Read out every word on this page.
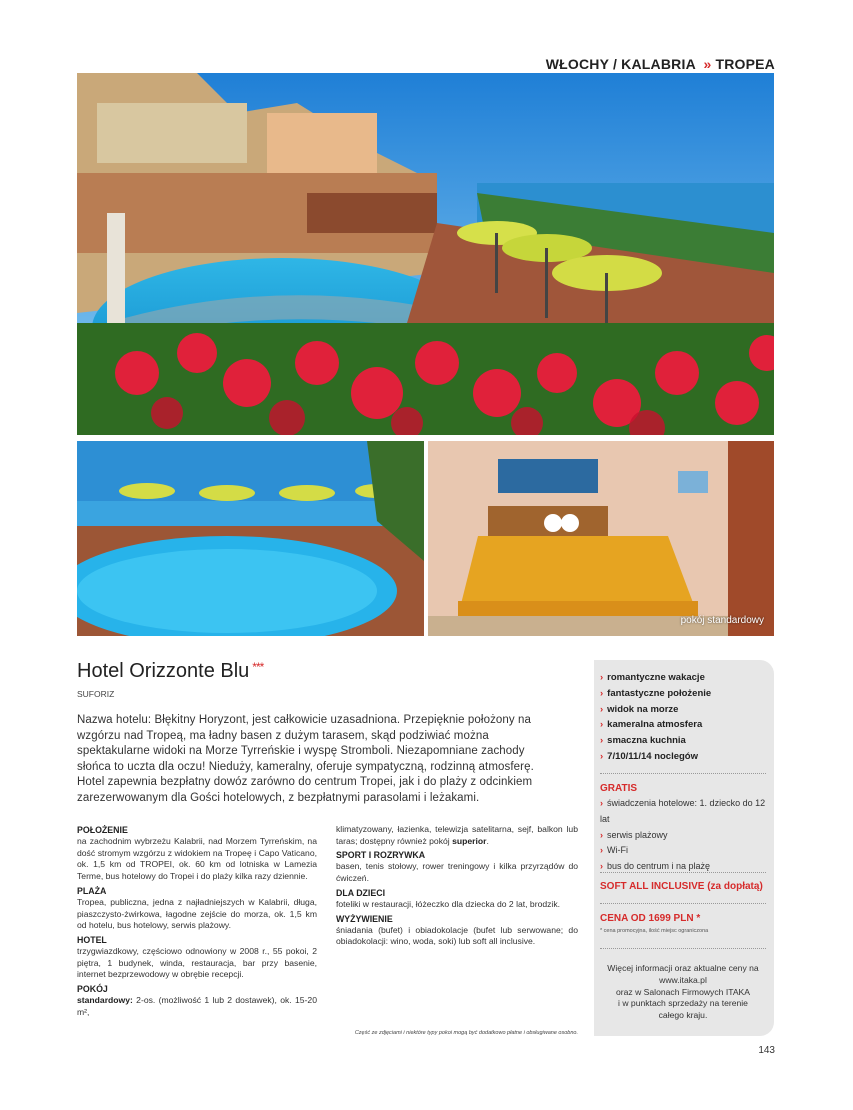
WŁOCHY / KALABRIA » TROPEA
pokój standardowy
Hotel Orizzonte Blu ***
SUFORIZ
Nazwa hotelu: Błękitny Horyzont, jest całkowicie uzasadniona. Przepięknie położony na wzgórzu nad Tropeą, ma ładny basen z dużym tarasem, skąd podziwiać można spektakularne widoki na Morze Tyrreńskie i wyspę Stromboli. Niezapomniane zachody słońca to uczta dla oczu! Nieduży, kameralny, oferuje sympatyczną, rodzinną atmosferę. Hotel zapewnia bezpłatny dowóz zarówno do centrum Tropei, jak i do plaży z odcinkiem zarezerwowanym dla Gości hotelowych, z bezpłatnymi parasolami i leżakami.
POŁOŻENIE

na zachodnim wybrzeżu Kalabrii, nad Morzem Tyrreńskim, na dość stromym wzgórzu z widokiem na Tropeę i Capo Vaticano, ok. 1,5 km od TROPEI, ok. 60 km od lotniska w Lamezia Terme, bus hotelowy do Tropei i do plaży kilka razy dziennie.

PLAŻA

Tropea, publiczna, jedna z najładniejszych w Kalabrii, długa, piaszczysto-żwirkowa, łagodne zejście do morza, ok. 1,5 km od hotelu, bus hotelowy, serwis plażowy.

HOTEL

trzygwiazdkowy, częściowo odnowiony w 2008 r., 55 pokoi, 2 piętra, 1 budynek, winda, restauracja, bar przy basenie, internet bezprzewodowy w obrębie recepcji.

POKÓJ

standardowy: 2-os. (możliwość 1 lub 2 dostawek), ok. 15-20 m²,

klimatyzowany, łazienka, telewizja satelitarna, sejf, balkon lub taras; dostępny również pokój superior.

SPORT I ROZRYWKA

basen, tenis stołowy, rower treningowy i kilka przyrządów do ćwiczeń.

DLA DZIECI

foteliki w restauracji, łóżeczko dla dziecka do 2 lat, brodzik.

WYŻYWIENIE

śniadania (bufet) i obiadokolacje (bufet lub serwowane; do obiadokolacji: wino, woda, soki) lub soft all inclusive.

Część ze zdjęciami i niektóre typy pokoi mogą być dodatkowo płatne i obsługiwane osobno.
› romantyczne wakacje
› fantastyczne położenie
› widok na morze
› kameralna atmosfera
› smaczna kuchnia
› 7/10/11/14 noclegów
GRATIS
› świadczenia hotelowe: 1. dziecko do 12 lat
› serwis plażowy
› Wi-Fi
› bus do centrum i na plażę
SOFT ALL INCLUSIVE (za dopłatą)
CENA OD 1699 PLN *
* cena promocyjna, ilość miejsc ograniczona
Więcej informacji oraz aktualne ceny na
www.itaka.pl
oraz w Salonach Firmowych ITAKA
i w punktach sprzedaży na terenie
całego kraju.
143
